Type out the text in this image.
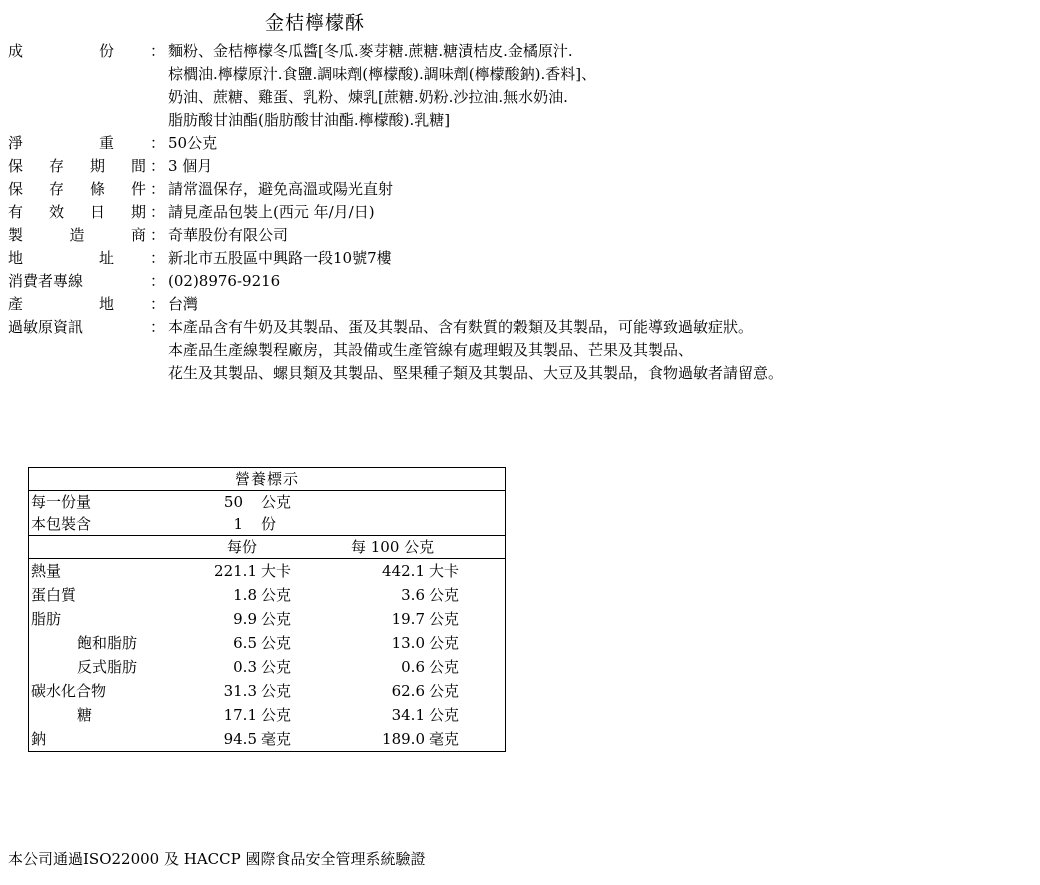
金桔檸檬酥
成	份 ： 麵粉、金桔檸檬冬瓜醬[冬瓜.麥芽糖.蔗糖.糖漬桔皮.金橘原汁.
棕櫚油.檸檬原汁.食鹽.調味劑(檸檬酸).調味劑(檸檬酸鈉).香料]、
奶油、蔗糖、雞蛋、乳粉、煉乳[蔗糖.奶粉.沙拉油.無水奶油.
脂肪酸甘油酯(脂肪酸甘油酯.檸檬酸).乳糖]
淨	重 ： 50公克
保 存 期 間 ： 3 個月
保 存 條 件 ： 請常溫保存，避免高溫或陽光直射
有 效 日 期 ： 請見產品包裝上(西元 年/月/日)
製	造	商 ： 奇華股份有限公司
地	址 ： 新北市五股區中興路一段10號7樓
消費者專線	： (02)8976-9216
產	地 ： 台灣
過敏原資訊	： 本產品含有牛奶及其製品、蛋及其製品、含有麩質的穀類及其製品，可能導致過敏症狀。
本產品生產線製程廠房，其設備或生產管線有處理蝦及其製品、芒果及其製品、
花生及其製品、螺貝類及其製品、堅果種子類及其製品、大豆及其製品，食物過敏者請留意。
營養標示
每一份量	50 公克
本包裝含	1 份
每份	每 100 公克
熱量	221.1 大卡	442.1 大卡
蛋白質	1.8 公克	3.6 公克
脂肪	9.9 公克	19.7 公克
飽和脂肪	6.5 公克	13.0 公克
反式脂肪	0.3 公克	0.6 公克
碳水化合物	31.3 公克	62.6 公克
糖	17.1 公克	34.1 公克
鈉	94.5 毫克	189.0 毫克
本公司通過ISO22000 及 HACCP 國際食品安全管理系統驗證
